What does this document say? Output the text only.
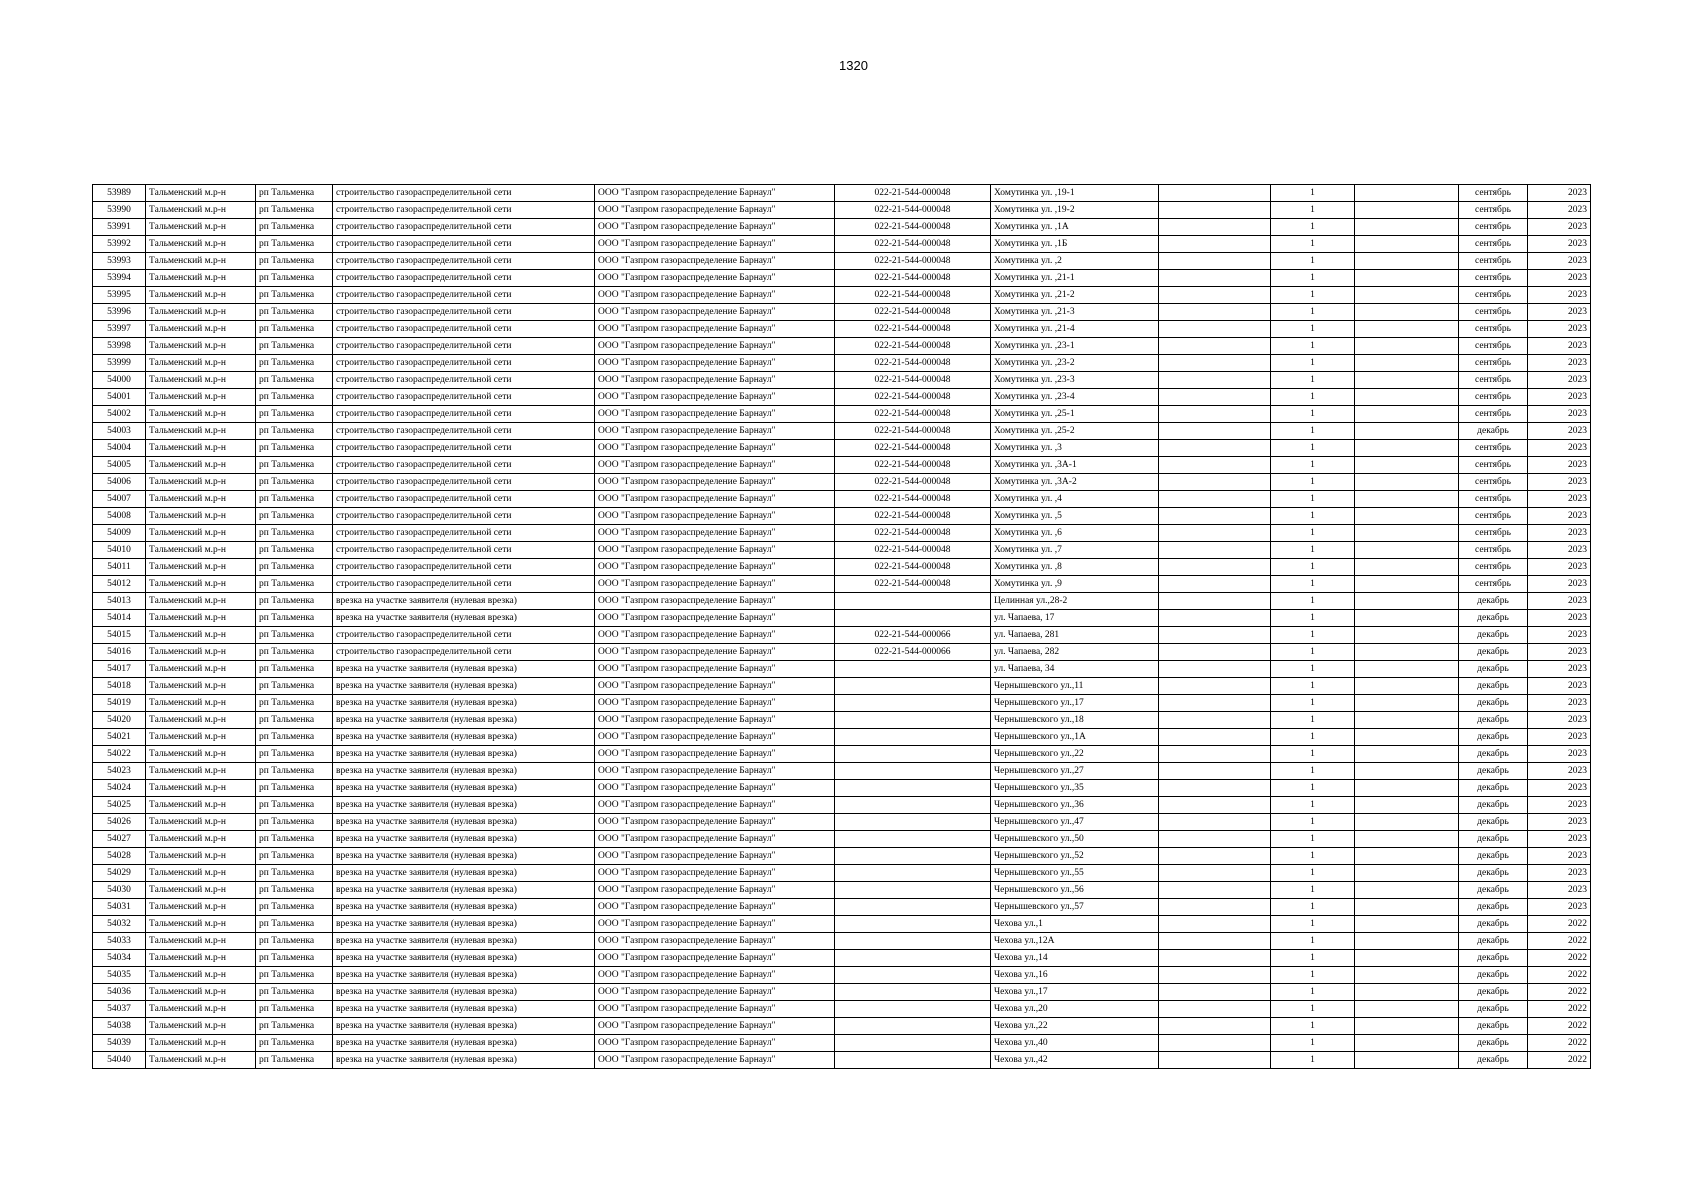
1320
53989	Тальменский м.р-н	рп Тальменка	строительство газораспределительной сети	ООО "Газпром газораспределение Барнаул"	022-21-544-000048	Хомутинка ул. ,19-1		1		сентябрь	2023
53990	Тальменский м.р-н	рп Тальменка	строительство газораспределительной сети	ООО "Газпром газораспределение Барнаул"	022-21-544-000048	Хомутинка ул. ,19-2		1		сентябрь	2023
53991	Тальменский м.р-н	рп Тальменка	строительство газораспределительной сети	ООО "Газпром газораспределение Барнаул"	022-21-544-000048	Хомутинка ул. ,1А		1		сентябрь	2023
53992	Тальменский м.р-н	рп Тальменка	строительство газораспределительной сети	ООО "Газпром газораспределение Барнаул"	022-21-544-000048	Хомутинка ул. ,1Б		1		сентябрь	2023
53993	Тальменский м.р-н	рп Тальменка	строительство газораспределительной сети	ООО "Газпром газораспределение Барнаул"	022-21-544-000048	Хомутинка ул. ,2		1		сентябрь	2023
53994	Тальменский м.р-н	рп Тальменка	строительство газораспределительной сети	ООО "Газпром газораспределение Барнаул"	022-21-544-000048	Хомутинка ул. ,21-1		1		сентябрь	2023
53995	Тальменский м.р-н	рп Тальменка	строительство газораспределительной сети	ООО "Газпром газораспределение Барнаул"	022-21-544-000048	Хомутинка ул. ,21-2		1		сентябрь	2023
53996	Тальменский м.р-н	рп Тальменка	строительство газораспределительной сети	ООО "Газпром газораспределение Барнаул"	022-21-544-000048	Хомутинка ул. ,21-3		1		сентябрь	2023
53997	Тальменский м.р-н	рп Тальменка	строительство газораспределительной сети	ООО "Газпром газораспределение Барнаул"	022-21-544-000048	Хомутинка ул. ,21-4		1		сентябрь	2023
53998	Тальменский м.р-н	рп Тальменка	строительство газораспределительной сети	ООО "Газпром газораспределение Барнаул"	022-21-544-000048	Хомутинка ул. ,23-1		1		сентябрь	2023
53999	Тальменский м.р-н	рп Тальменка	строительство газораспределительной сети	ООО "Газпром газораспределение Барнаул"	022-21-544-000048	Хомутинка ул. ,23-2		1		сентябрь	2023
54000	Тальменский м.р-н	рп Тальменка	строительство газораспределительной сети	ООО "Газпром газораспределение Барнаул"	022-21-544-000048	Хомутинка ул. ,23-3		1		сентябрь	2023
54001	Тальменский м.р-н	рп Тальменка	строительство газораспределительной сети	ООО "Газпром газораспределение Барнаул"	022-21-544-000048	Хомутинка ул. ,23-4		1		сентябрь	2023
54002	Тальменский м.р-н	рп Тальменка	строительство газораспределительной сети	ООО "Газпром газораспределение Барнаул"	022-21-544-000048	Хомутинка ул. ,25-1		1		сентябрь	2023
54003	Тальменский м.р-н	рп Тальменка	строительство газораспределительной сети	ООО "Газпром газораспределение Барнаул"	022-21-544-000048	Хомутинка ул. ,25-2		1		декабрь	2023
54004	Тальменский м.р-н	рп Тальменка	строительство газораспределительной сети	ООО "Газпром газораспределение Барнаул"	022-21-544-000048	Хомутинка ул. ,3		1		сентябрь	2023
54005	Тальменский м.р-н	рп Тальменка	строительство газораспределительной сети	ООО "Газпром газораспределение Барнаул"	022-21-544-000048	Хомутинка ул. ,3А-1		1		сентябрь	2023
54006	Тальменский м.р-н	рп Тальменка	строительство газораспределительной сети	ООО "Газпром газораспределение Барнаул"	022-21-544-000048	Хомутинка ул. ,3А-2		1		сентябрь	2023
54007	Тальменский м.р-н	рп Тальменка	строительство газораспределительной сети	ООО "Газпром газораспределение Барнаул"	022-21-544-000048	Хомутинка ул. ,4		1		сентябрь	2023
54008	Тальменский м.р-н	рп Тальменка	строительство газораспределительной сети	ООО "Газпром газораспределение Барнаул"	022-21-544-000048	Хомутинка ул. ,5		1		сентябрь	2023
54009	Тальменский м.р-н	рп Тальменка	строительство газораспределительной сети	ООО "Газпром газораспределение Барнаул"	022-21-544-000048	Хомутинка ул. ,6		1		сентябрь	2023
54010	Тальменский м.р-н	рп Тальменка	строительство газораспределительной сети	ООО "Газпром газораспределение Барнаул"	022-21-544-000048	Хомутинка ул. ,7		1		сентябрь	2023
54011	Тальменский м.р-н	рп Тальменка	строительство газораспределительной сети	ООО "Газпром газораспределение Барнаул"	022-21-544-000048	Хомутинка ул. ,8		1		сентябрь	2023
54012	Тальменский м.р-н	рп Тальменка	строительство газораспределительной сети	ООО "Газпром газораспределение Барнаул"	022-21-544-000048	Хомутинка ул. ,9		1		сентябрь	2023
54013	Тальменский м.р-н	рп Тальменка	врезка на участке заявителя (нулевая врезка)	ООО "Газпром газораспределение Барнаул"		Целинная ул.,28-2		1		декабрь	2023
54014	Тальменский м.р-н	рп Тальменка	врезка на участке заявителя (нулевая врезка)	ООО "Газпром газораспределение Барнаул"		ул. Чапаева, 17		1		декабрь	2023
54015	Тальменский м.р-н	рп Тальменка	строительство газораспределительной сети	ООО "Газпром газораспределение Барнаул"	022-21-544-000066	ул. Чапаева, 281		1		декабрь	2023
54016	Тальменский м.р-н	рп Тальменка	строительство газораспределительной сети	ООО "Газпром газораспределение Барнаул"	022-21-544-000066	ул. Чапаева, 282		1		декабрь	2023
54017	Тальменский м.р-н	рп Тальменка	врезка на участке заявителя (нулевая врезка)	ООО "Газпром газораспределение Барнаул"		ул. Чапаева, 34		1		декабрь	2023
54018	Тальменский м.р-н	рп Тальменка	врезка на участке заявителя (нулевая врезка)	ООО "Газпром газораспределение Барнаул"		Чернышевского ул.,11		1		декабрь	2023
54019	Тальменский м.р-н	рп Тальменка	врезка на участке заявителя (нулевая врезка)	ООО "Газпром газораспределение Барнаул"		Чернышевского ул.,17		1		декабрь	2023
54020	Тальменский м.р-н	рп Тальменка	врезка на участке заявителя (нулевая врезка)	ООО "Газпром газораспределение Барнаул"		Чернышевского ул.,18		1		декабрь	2023
54021	Тальменский м.р-н	рп Тальменка	врезка на участке заявителя (нулевая врезка)	ООО "Газпром газораспределение Барнаул"		Чернышевского ул.,1А		1		декабрь	2023
54022	Тальменский м.р-н	рп Тальменка	врезка на участке заявителя (нулевая врезка)	ООО "Газпром газораспределение Барнаул"		Чернышевского ул.,22		1		декабрь	2023
54023	Тальменский м.р-н	рп Тальменка	врезка на участке заявителя (нулевая врезка)	ООО "Газпром газораспределение Барнаул"		Чернышевского ул.,27		1		декабрь	2023
54024	Тальменский м.р-н	рп Тальменка	врезка на участке заявителя (нулевая врезка)	ООО "Газпром газораспределение Барнаул"		Чернышевского ул.,35		1		декабрь	2023
54025	Тальменский м.р-н	рп Тальменка	врезка на участке заявителя (нулевая врезка)	ООО "Газпром газораспределение Барнаул"		Чернышевского ул.,36		1		декабрь	2023
54026	Тальменский м.р-н	рп Тальменка	врезка на участке заявителя (нулевая врезка)	ООО "Газпром газораспределение Барнаул"		Чернышевского ул.,47		1		декабрь	2023
54027	Тальменский м.р-н	рп Тальменка	врезка на участке заявителя (нулевая врезка)	ООО "Газпром газораспределение Барнаул"		Чернышевского ул.,50		1		декабрь	2023
54028	Тальменский м.р-н	рп Тальменка	врезка на участке заявителя (нулевая врезка)	ООО "Газпром газораспределение Барнаул"		Чернышевского ул.,52		1		декабрь	2023
54029	Тальменский м.р-н	рп Тальменка	врезка на участке заявителя (нулевая врезка)	ООО "Газпром газораспределение Барнаул"		Чернышевского ул.,55		1		декабрь	2023
54030	Тальменский м.р-н	рп Тальменка	врезка на участке заявителя (нулевая врезка)	ООО "Газпром газораспределение Барнаул"		Чернышевского ул.,56		1		декабрь	2023
54031	Тальменский м.р-н	рп Тальменка	врезка на участке заявителя (нулевая врезка)	ООО "Газпром газораспределение Барнаул"		Чернышевского ул.,57		1		декабрь	2023
54032	Тальменский м.р-н	рп Тальменка	врезка на участке заявителя (нулевая врезка)	ООО "Газпром газораспределение Барнаул"		Чехова ул.,1		1		декабрь	2022
54033	Тальменский м.р-н	рп Тальменка	врезка на участке заявителя (нулевая врезка)	ООО "Газпром газораспределение Барнаул"		Чехова ул.,12А		1		декабрь	2022
54034	Тальменский м.р-н	рп Тальменка	врезка на участке заявителя (нулевая врезка)	ООО "Газпром газораспределение Барнаул"		Чехова ул.,14		1		декабрь	2022
54035	Тальменский м.р-н	рп Тальменка	врезка на участке заявителя (нулевая врезка)	ООО "Газпром газораспределение Барнаул"		Чехова ул.,16		1		декабрь	2022
54036	Тальменский м.р-н	рп Тальменка	врезка на участке заявителя (нулевая врезка)	ООО "Газпром газораспределение Барнаул"		Чехова ул.,17		1		декабрь	2022
54037	Тальменский м.р-н	рп Тальменка	врезка на участке заявителя (нулевая врезка)	ООО "Газпром газораспределение Барнаул"		Чехова ул.,20		1		декабрь	2022
54038	Тальменский м.р-н	рп Тальменка	врезка на участке заявителя (нулевая врезка)	ООО "Газпром газораспределение Барнаул"		Чехова ул.,22		1		декабрь	2022
54039	Тальменский м.р-н	рп Тальменка	врезка на участке заявителя (нулевая врезка)	ООО "Газпром газораспределение Барнаул"		Чехова ул.,40		1		декабрь	2022
54040	Тальменский м.р-н	рп Тальменка	врезка на участке заявителя (нулевая врезка)	ООО "Газпром газораспределение Барнаул"		Чехова ул.,42		1		декабрь	2022
